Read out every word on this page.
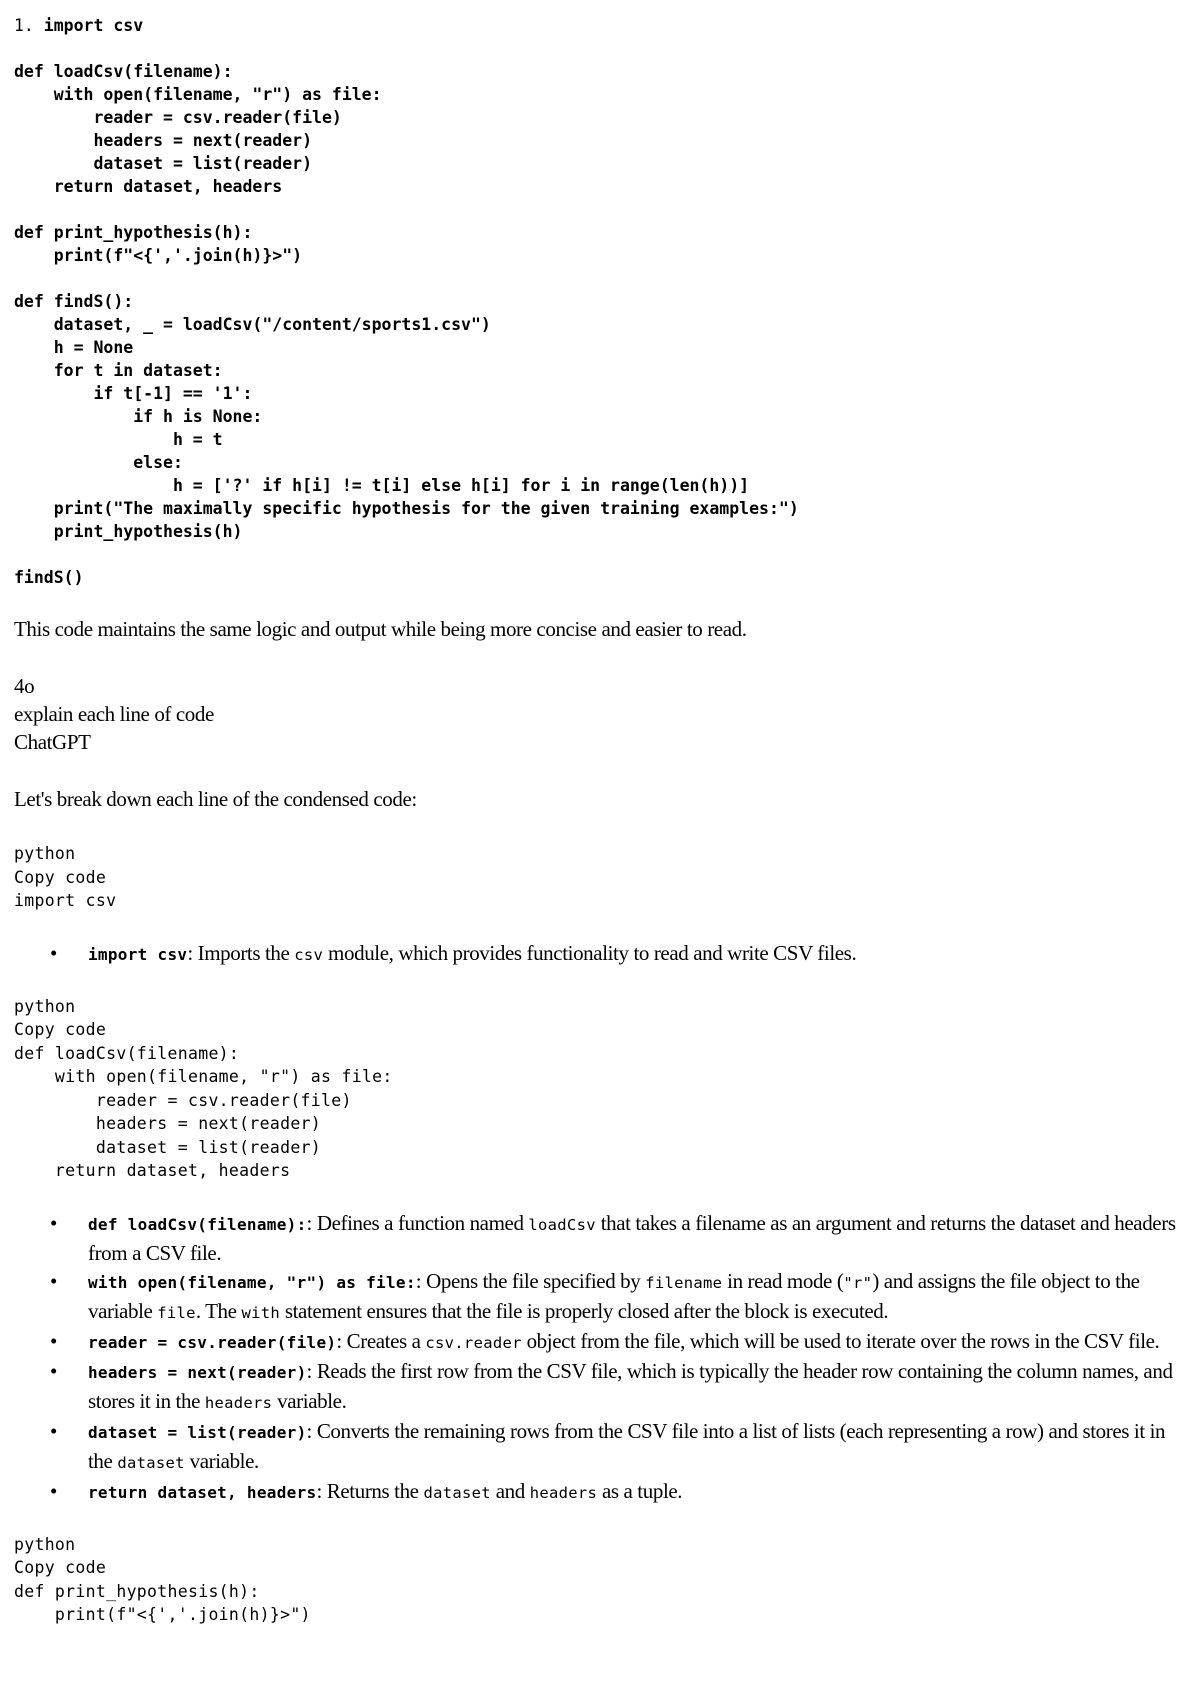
1. import csv

def loadCsv(filename):
with open(filename, "r") as file:
reader = csv.reader(file)
headers = next(reader)
dataset = list(reader)
return dataset, headers

def print_hypothesis(h):
print(f"<{','.join(h)}>")

def findS():
dataset, _ = loadCsv("/content/sports1.csv")
h = None
for t in dataset:
if t[-1] == '1':
if h is None:
h = t
else:
h = ['?' if h[i] != t[i] else h[i] for i in range(len(h))]
print("The maximally specific hypothesis for the given training examples:")
print_hypothesis(h)

findS()

This code maintains the same logic and output while being more concise and easier to read.

4o

explain each line of code

ChatGPT

Let's break down each line of the condensed code:

python
Copy code
import csv
• import csv: Imports the csv module, which provides functionality to read and write CSV files.
python
Copy code
def loadCsv(filename):
with open(filename, "r") as file:
reader = csv.reader(file)
headers = next(reader)
dataset = list(reader)
return dataset, headers
• def loadCsv(filename):: Defines a function named loadCsv that takes a filename as an argument and returns the dataset and headers from a CSV file.
• with open(filename, "r") as file:: Opens the file specified by filename in read mode ("r") and assigns the file object to the variable file. The with statement ensures that the file is properly closed after the block is executed.
• reader = csv.reader(file): Creates a csv.reader object from the file, which will be used to iterate over the rows in the CSV file.
• headers = next(reader): Reads the first row from the CSV file, which is typically the header row containing the column names, and stores it in the headers variable.
• dataset = list(reader): Converts the remaining rows from the CSV file into a list of lists (each representing a row) and stores it in the dataset variable.
• return dataset, headers: Returns the dataset and headers as a tuple.
python
Copy code
def print_hypothesis(h):
print(f"<{','.join(h)}>")
